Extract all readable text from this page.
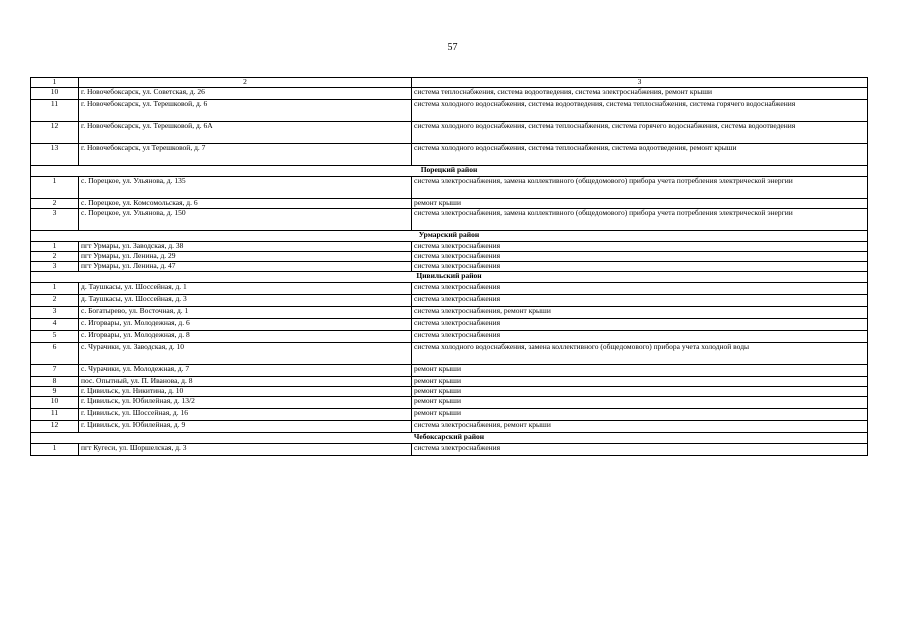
57
1	2	3
10	г. Новочебоксарск, ул. Советская, д. 26	система теплоснабжения, система водоотведения, система электроснабжения, ремонт крыши
11	г. Новочебоксарск, ул. Терешковой, д. 6	система холодного водоснабжения, система водоотведения, система теплоснабжения, система горячего водоснабжения
12	г. Новочебоксарск, ул. Терешковой, д. 6А	система холодного водоснабжения, система теплоснабжения, система горячего водоснабжения, система водоотведения
13	г. Новочебоксарск, ул Терешковой, д. 7	система холодного водоснабжения, система теплоснабжения, система водоотведения, ремонт крыши
Порецкий район		
1	с. Порецкое, ул. Ульянова, д. 135	система электроснабжения, замена коллективного (общедомового) прибора учета потребления электрической энергии
2	с. Порецкое, ул. Комсомольская, д. 6	ремонт крыши
3	с. Порецкое, ул. Ульянова, д. 150	система электроснабжения, замена коллективного (общедомового) прибора учета потребления электрической энергии
Урмарский район		
1	пгт Урмары, ул. Заводская, д. 38	система электроснабжения
2	пгт Урмары, ул. Ленина, д. 29	система электроснабжения
3	пгт Урмары, ул. Ленина, д. 47	система электроснабжения
Цивильский район		
1	д. Таушкасы, ул. Шоссейная, д. 1	система электроснабжения
2	д. Таушкасы, ул. Шоссейная, д. 3	система электроснабжения
3	с. Богатырево, ул. Восточная, д. 1	система электроснабжения, ремонт крыши
4	с. Игорвары, ул. Молодежная, д. 6	система электроснабжения
5	с. Игорвары, ул. Молодежная, д. 8	система электроснабжения
6	с. Чурачики, ул. Заводская, д. 10	система холодного водоснабжения, замена коллективного (общедомового) прибора учета холодной воды
7	с. Чурачики, ул. Молодежная, д. 7	ремонт крыши
8	пос. Опытный, ул. П. Иванова, д. 8	ремонт крыши
9	г. Цивильск, ул. Никитина, д. 10	ремонт крыши
10	г. Цивильск, ул. Юбилейная, д. 13/2	ремонт крыши
11	г. Цивильск, ул. Шоссейная, д. 16	ремонт крыши
12	г. Цивильск, ул. Юбилейная, д. 9	система электроснабжения, ремонт крыши
Чебоксарский район		
1	пгт Кугеси, ул. Шоршелская, д. 3	система электроснабжения
